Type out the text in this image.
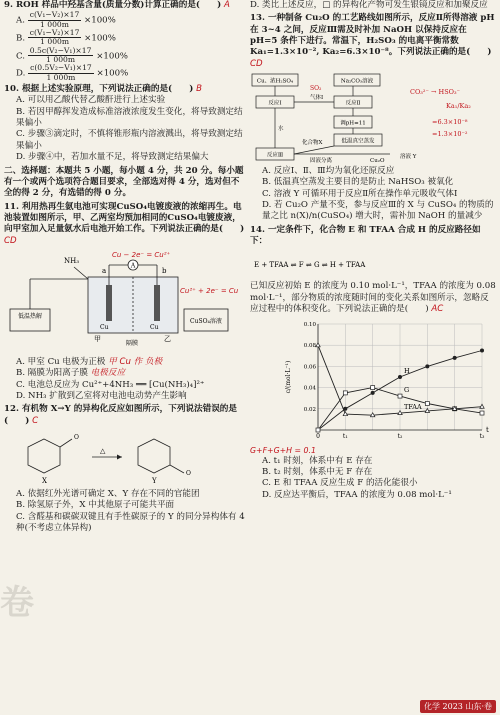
卷
9. ROH 样品中羟基含量(质量分数)计算正确的是(　　) A
A. $\frac{\text{c(V₁−V₂)×17}}{1 000m} \times 100\%$
B. $\frac{\text{c(V₁−V₂)×17}}{1 000m} \times 100\%$
C. $\frac{\text{0.5c(V₂−V₁)×17}}{1 000m} \times 100\%$
D. $\frac{\text{c(0.5V₂−V₁)×17}}{1 000m} \times 100\%$
10. 根据上述实验原理，下列说法正确的是(　　) B
A. 可以用乙酸代替乙酸酐进行上述实验
B. 若因甲醇挥发造成标准溶液浓度发生变化，将导致测定结果偏小
C. 步骤③滴定时，不慎将锥形瓶内溶液溅出，将导致测定结果偏小
D. 步骤④中，若加水量不足，将导致测定结果偏大
二、选择题：本题共 5 小题，每小题 4 分，共 20 分。每小题有一个或两个选项符合题目要求，全部选对得 4 分，选对但不全的得 2 分，有选错的得 0 分。
11. 利用热再生氨电池可实现CuSO₄电镀废液的浓缩再生。电池装置如图所示，甲、乙两室均预加相同的CuSO₄电镀废液，向甲室加入足量氨水后电池开始工作。下列说法正确的是(　　) CD
低温热解
NH₃
A
a	b
甲	乙
隔膜
Cu	Cu
CuSO₄溶液
Cu − 2e⁻ = Cu²⁺
Cu²⁺ + 2e⁻ = Cu
A. 甲室 Cu 电极为正极 甲 Cu 作 负极
B. 隔膜为阳离子膜 电极反应
C. 电池总反应为 Cu²⁺+4NH₃ ══ [Cu(NH₃)₄]²⁺
D. NH₃ 扩散到乙室将对电池电动势产生影响
12. 有机物 X→Y 的异构化反应如图所示，下列说法错误的是(　　) C
O
X
△
O
Y
A. 依据红外光谱可确定 X、Y 存在不同的官能团
B. 除氢原子外，X 中其他原子可能共平面
C. 含醛基和碳碳双键且有手性碳原子的 Y 的同分异构体有 4 种(不考虑立体异构)
D. 类比上述反应，□ 的异构化产物可发生银镜反应和加聚反应
13. 一种制备 Cu₂O 的工艺路线如图所示，反应Ⅱ所得溶液 pH 在 3~4 之间，反应Ⅲ需及时补加 NaOH 以保持反应在 pH=5 条件下进行。常温下，H₂SO₃ 的电离平衡常数 Ka₁=1.3×10⁻², Ka₂=6.3×10⁻⁸。下列说法正确的是(　　) CD
Cu、浓H₂SO₄
反应Ⅰ
气体Ⅰ
SO₂
反应Ⅱ
Na₂CO₃溶液
调pH=11
低温真空蒸发
反应Ⅲ
水
化合物X
固液分离	Cu₂O
溶液 Y
CO₃²⁻ → HSO₃⁻
Ka₁/Ka₂
=6.3×10⁻⁸
=1.3×10⁻²
A. 反应Ⅰ、Ⅱ、Ⅲ均为氧化还原反应
B. 低温真空蒸发主要目的是防止 NaHSO₃ 被氧化
C. 溶液 Y 可循环用于反应Ⅱ所在操作单元吸收气体Ⅰ
D. 若 Cu₂O 产量不变，参与反应Ⅲ的 X 与 CuSO₄ 的物质的量之比 n(X)/n(CuSO₄) 增大时，需补加 NaOH 的量减少
14. 一定条件下，化合物 E 和 TFAA 合成 H 的反应路径如下：
E + TFAA ⇌ F ⇌ G ⇌ H + TFAA
已知反应初始 E 的浓度为 0.10 mol·L⁻¹，TFAA 的浓度为 0.08 mol·L⁻¹，部分物质的浓度随时间的变化关系如图所示，忽略反应过程中的体积变化。下列说法正确的是(　　) AC
c/(mol·L⁻¹)
t
0.02
0.04
0.06
0.08
0.10
0	t₁	t₂	t₃
H
G
TFAA
G+F+G+H = 0.1
A. t₁ 时刻，体系中有 E 存在
B. t₂ 时刻，体系中无 F 存在
C. E 和 TFAA 反应生成 F 的活化能很小
D. 反应达平衡后，TFAA 的浓度为 0.08 mol·L⁻¹
化学 2023 山东·卷
